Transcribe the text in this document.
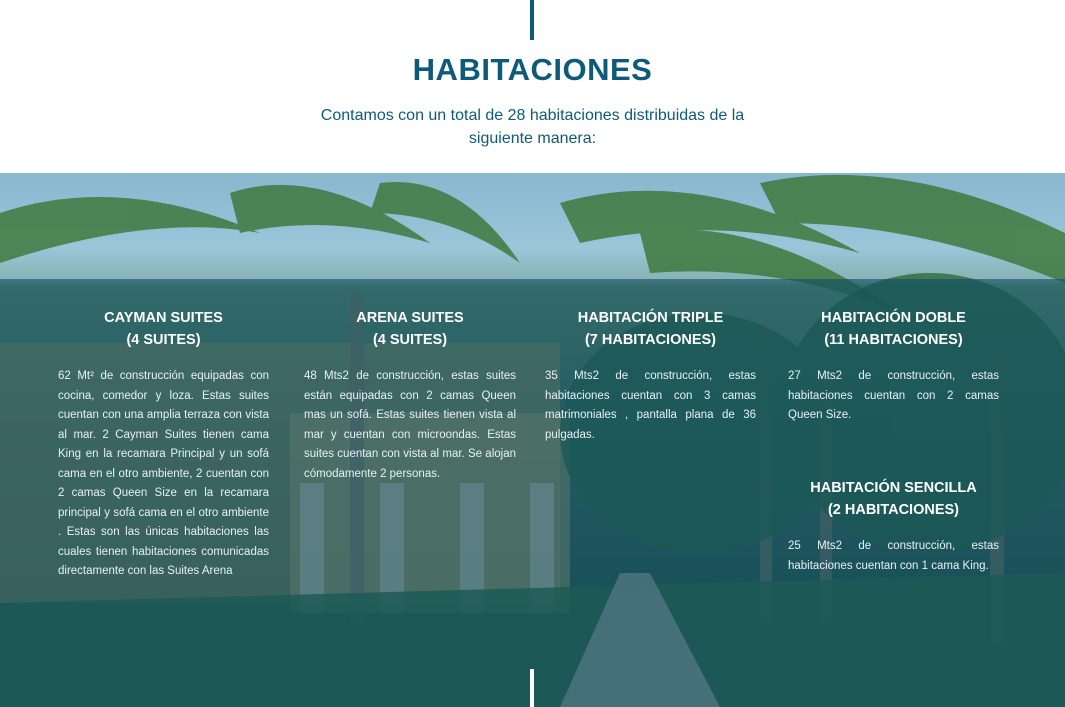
HABITACIONES

Contamos con un total de 28 habitaciones distribuidas de la siguiente manera:

CAYMAN SUITES
(4 SUITES)

62 Mt² de construcción equipadas con cocina, comedor y loza. Estas suites cuentan con una amplia terraza con vista al mar. 2 Cayman Suites tienen cama King en la recamara Principal y un sofá cama en el otro ambiente, 2 cuentan con 2 camas Queen Size en la recamara principal y sofá cama en el otro ambiente . Estas son las únicas habitaciones las cuales tienen habitaciones comunicadas directamente con las Suites Arena

ARENA SUITES
(4 SUITES)

48 Mts2 de construcción, estas suites están equipadas con 2 camas Queen mas un sofá. Estas suites tienen vista al mar y cuentan con microondas. Estas suites cuentan con vista al mar. Se alojan cómodamente 2 personas.

HABITACIÓN TRIPLE
(7 HABITACIONES)

35 Mts2 de construcción, estas habitaciones cuentan con 3 camas matrimoniales , pantalla plana de 36 pulgadas.

HABITACIÓN DOBLE
(11 HABITACIONES)

27 Mts2 de construcción, estas habitaciones cuentan con 2 camas Queen Size.

HABITACIÓN SENCILLA
(2 HABITACIONES)

25 Mts2 de construcción, estas habitaciones cuentan con 1 cama King.
